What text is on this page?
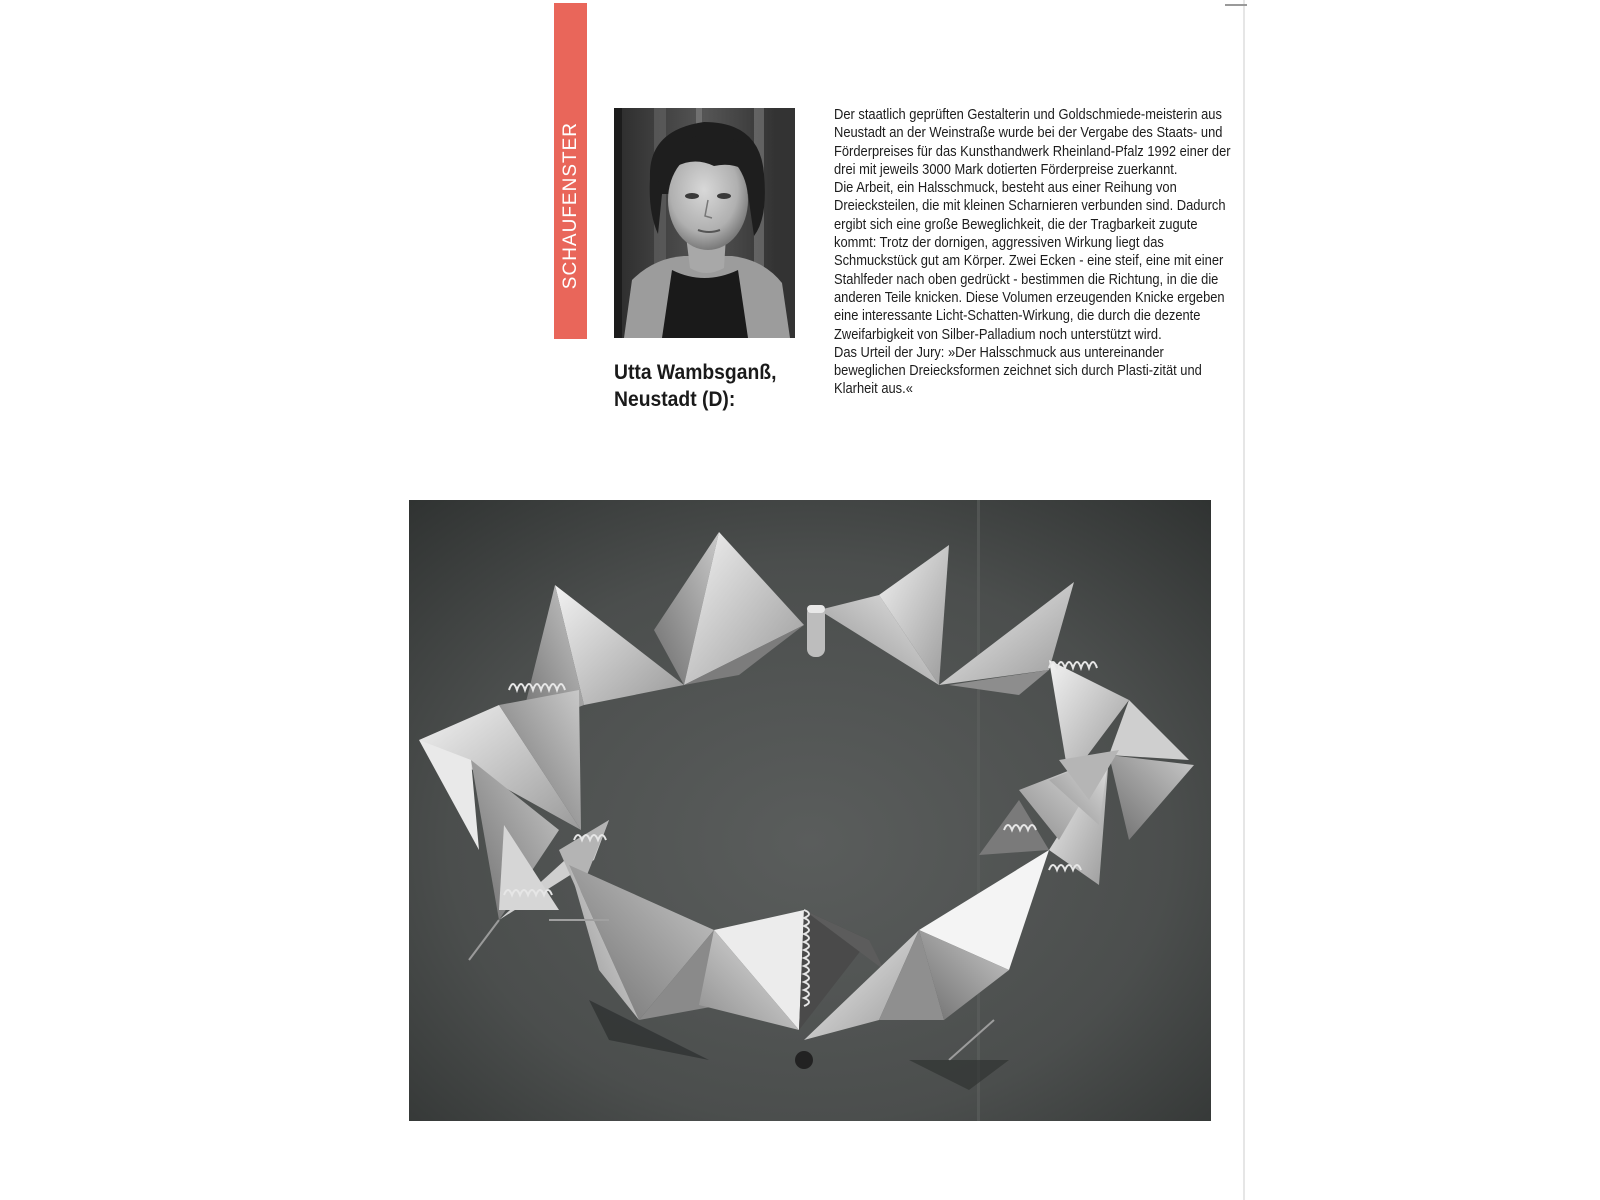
SCHAUFENSTER
Utta Wambsganß,
Neustadt (D):

Der staatlich geprüften Gestalterin und Goldschmiede-meisterin aus Neustadt an der Weinstraße wurde bei der Vergabe des Staats- und Förderpreises für das Kunsthandwerk Rheinland-Pfalz 1992 einer der drei mit jeweils 3000 Mark dotierten Förderpreise zuerkannt.

Die Arbeit, ein Halsschmuck, besteht aus einer Reihung von Dreiecksteilen, die mit kleinen Scharnieren verbunden sind. Dadurch ergibt sich eine große Beweglichkeit, die der Tragbarkeit zugute kommt: Trotz der dornigen, aggressiven Wirkung liegt das Schmuckstück gut am Körper. Zwei Ecken - eine steif, eine mit einer Stahlfeder nach oben gedrückt - bestimmen die Richtung, in die die anderen Teile knicken. Diese Volumen erzeugenden Knicke ergeben eine interessante Licht-Schatten-Wirkung, die durch die dezente Zweifarbigkeit von Silber-Palladium noch unterstützt wird.

Das Urteil der Jury: »Der Halsschmuck aus untereinander beweglichen Dreiecksformen zeichnet sich durch Plasti-zität und Klarheit aus.«
